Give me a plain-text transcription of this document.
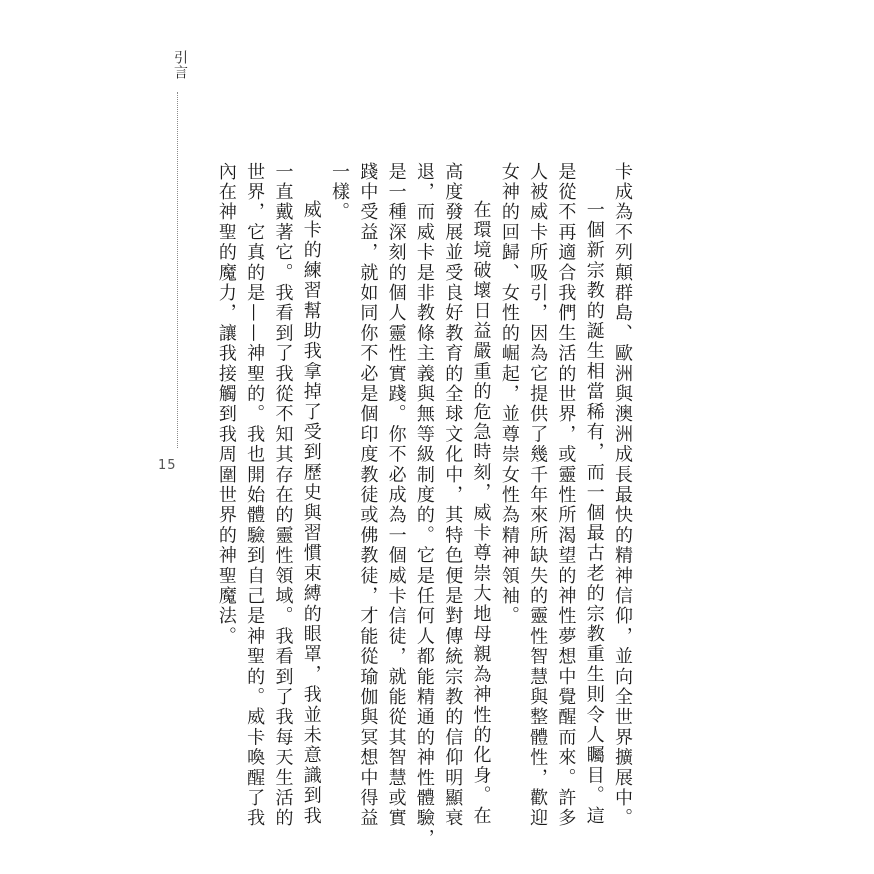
引言
15	卡成為不列顛群島、歐洲與澳洲成長最快的精神信仰，並向全世界擴展中。
一個新宗教的誕生相當稀有，而一個最古老的宗教重生則令人矚目。這
是從不再適合我們生活的世界，或靈性所渴望的神性夢想中覺醒而來。許多
人被威卡所吸引，因為它提供了幾千年來所缺失的靈性智慧與整體性，歡迎
女神的回歸、女性的崛起，並尊崇女性為精神領袖。
在環境破壞日益嚴重的危急時刻，威卡尊崇大地母親為神性的化身。在
高度發展並受良好教育的全球文化中，其特色便是對傳統宗教的信仰明顯衰
退，而威卡是非教條主義與無等級制度的。它是任何人都能精通的神性體驗，
是一種深刻的個人靈性實踐。你不必成為一個威卡信徒，就能從其智慧或實
踐中受益，就如同你不必是個印度教徒或佛教徒，才能從瑜伽與冥想中得益
一樣。
威卡的練習幫助我拿掉了受到歷史與習慣束縛的眼罩，我並未意識到我
一直戴著它。我看到了我從不知其存在的靈性領域。我看到了我每天生活的
世界，它真的是——神聖的。我也開始體驗到自己是神聖的。威卡喚醒了我
內在神聖的魔力，讓我接觸到我周圍世界的神聖魔法。
